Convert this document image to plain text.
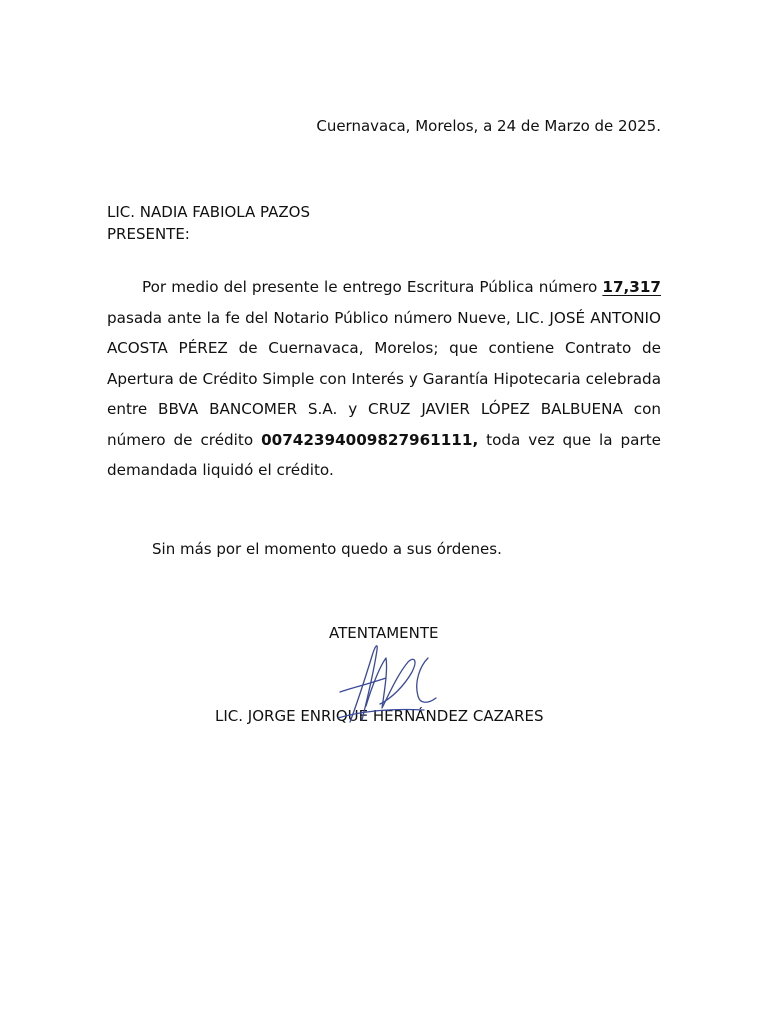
Cuernavaca, Morelos, a 24 de Marzo de 2025.
LIC. NADIA FABIOLA PAZOS
PRESENTE:

Por medio del presente le entrego Escritura Pública número 17,317 pasada ante la fe del Notario Público número Nueve, LIC. JOSÉ ANTONIO ACOSTA PÉREZ de Cuernavaca, Morelos; que contiene Contrato de Apertura de Crédito Simple con Interés y Garantía Hipotecaria celebrada entre BBVA BANCOMER S.A. y CRUZ JAVIER LÓPEZ BALBUENA con número de crédito 00742394009827961111, toda vez que la parte demandada liquidó el crédito.

Sin más por el momento quedo a sus órdenes.
ATENTAMENTE
LIC. JORGE ENRIQUE HERNÁNDEZ CAZARES
